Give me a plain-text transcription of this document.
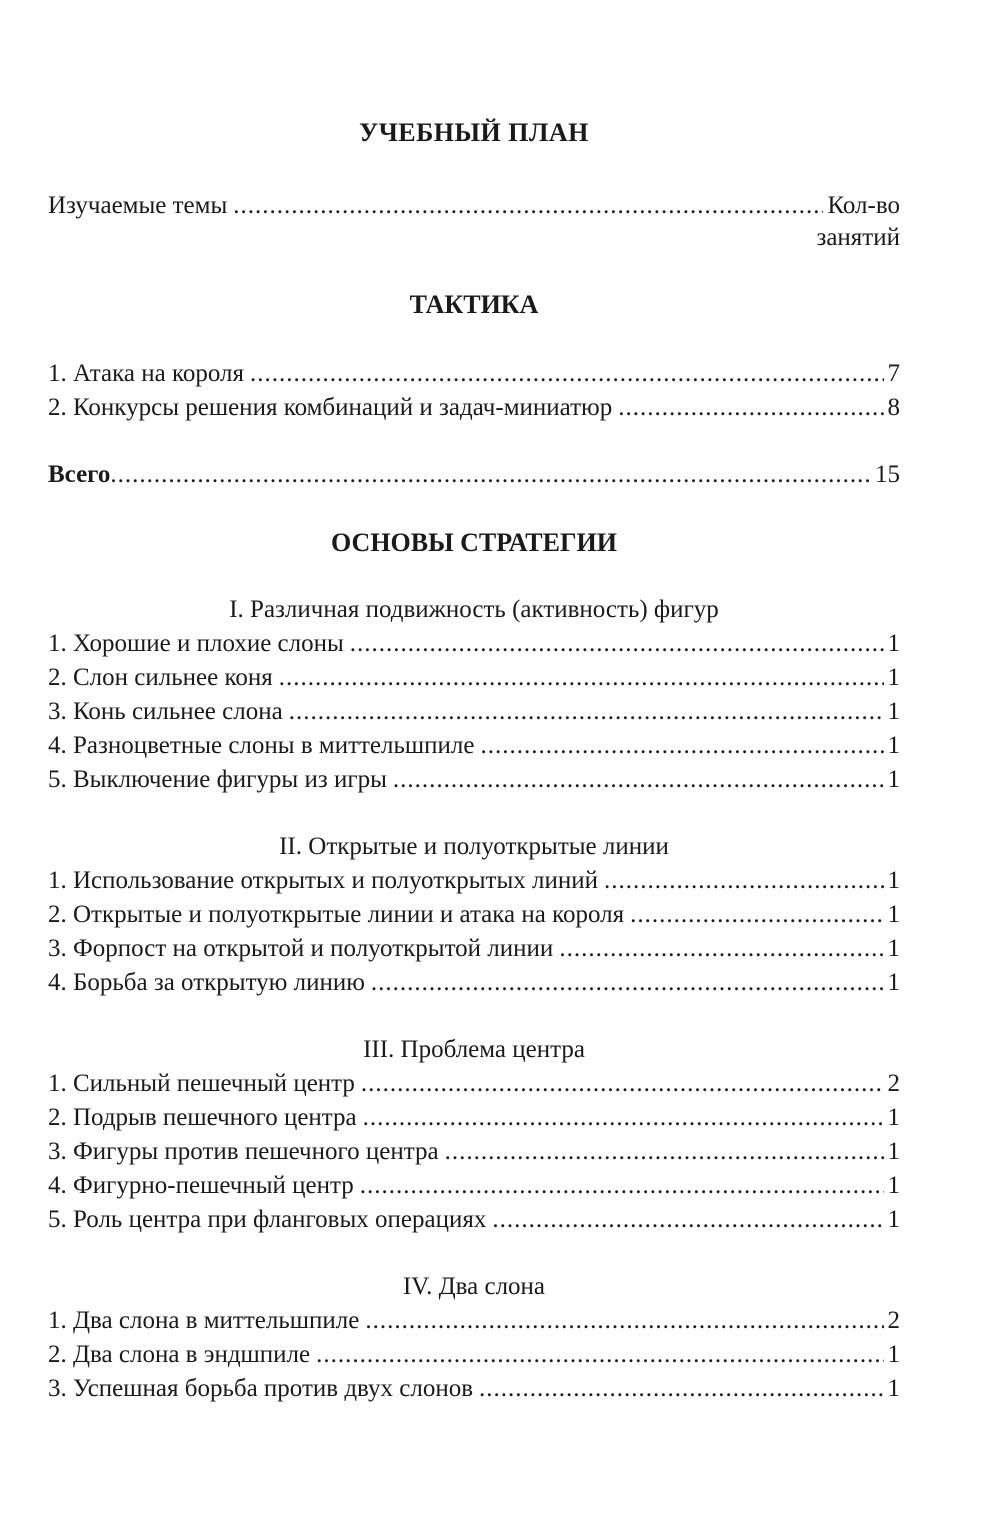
УЧЕБНЫЙ ПЛАН
Изучаемые темы .....	Кол-во
занятий
ТАКТИКА
1. Атака на короля .....	7
2. Конкурсы решения комбинаций и задач-миниатюр .....	8
Всего .....	15
ОСНОВЫ СТРАТЕГИИ
I. Различная подвижность (активность) фигур
1. Хорошие и плохие слоны .....	1
2. Слон сильнее коня .....	1
3. Конь сильнее слона .....	1
4. Разноцветные слоны в миттельшпиле .....	1
5. Выключение фигуры из игры .....	1
II. Открытые и полуоткрытые линии
1. Использование открытых и полуоткрытых линий .....	1
2. Открытые и полуоткрытые линии и атака на короля .....	1
3. Форпост на открытой и полуоткрытой линии .....	1
4. Борьба за открытую линию .....	1
III. Проблема центра
1. Сильный пешечный центр .....	2
2. Подрыв пешечного центра .....	1
3. Фигуры против пешечного центра .....	1
4. Фигурно-пешечный центр .....	1
5. Роль центра при фланговых операциях .....	1
IV. Два слона
1. Два слона в миттельшпиле .....	2
2. Два слона в эндшпиле .....	1
3. Успешная борьба против двух слонов .....	1
